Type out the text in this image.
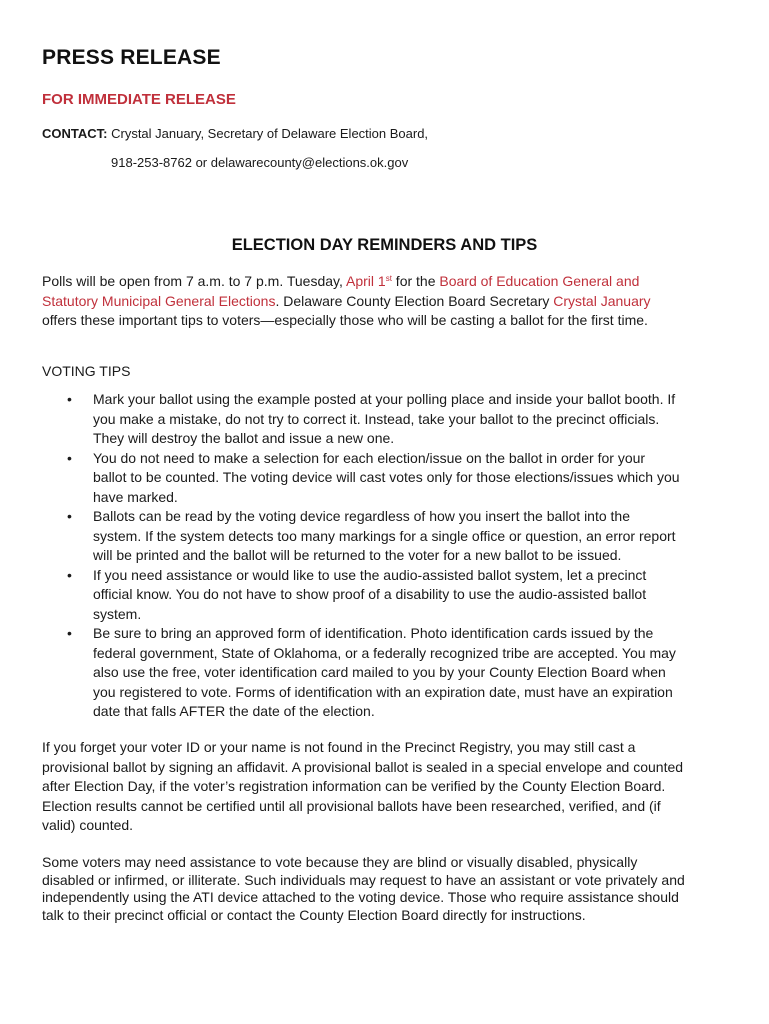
PRESS RELEASE
FOR IMMEDIATE RELEASE
CONTACT: Crystal January, Secretary of Delaware Election Board,
918-253-8762 or delawarecounty@elections.ok.gov
ELECTION DAY REMINDERS AND TIPS
Polls will be open from 7 a.m. to 7 p.m. Tuesday, April 1st for the Board of Education General and Statutory Municipal General Elections. Delaware County Election Board Secretary Crystal January offers these important tips to voters—especially those who will be casting a ballot for the first time.
VOTING TIPS
• Mark your ballot using the example posted at your polling place and inside your ballot booth. If you make a mistake, do not try to correct it. Instead, take your ballot to the precinct officials. They will destroy the ballot and issue a new one.
• You do not need to make a selection for each election/issue on the ballot in order for your ballot to be counted. The voting device will cast votes only for those elections/issues which you have marked.
• Ballots can be read by the voting device regardless of how you insert the ballot into the system. If the system detects too many markings for a single office or question, an error report will be printed and the ballot will be returned to the voter for a new ballot to be issued.
• If you need assistance or would like to use the audio-assisted ballot system, let a precinct official know. You do not have to show proof of a disability to use the audio-assisted ballot system.
• Be sure to bring an approved form of identification. Photo identification cards issued by the federal government, State of Oklahoma, or a federally recognized tribe are accepted. You may also use the free, voter identification card mailed to you by your County Election Board when you registered to vote. Forms of identification with an expiration date, must have an expiration date that falls AFTER the date of the election.
If you forget your voter ID or your name is not found in the Precinct Registry, you may still cast a provisional ballot by signing an affidavit. A provisional ballot is sealed in a special envelope and counted after Election Day, if the voter’s registration information can be verified by the County Election Board. Election results cannot be certified until all provisional ballots have been researched, verified, and (if valid) counted.
Some voters may need assistance to vote because they are blind or visually disabled, physically disabled or infirmed, or illiterate. Such individuals may request to have an assistant or vote privately and independently using the ATI device attached to the voting device. Those who require assistance should talk to their precinct official or contact the County Election Board directly for instructions.
